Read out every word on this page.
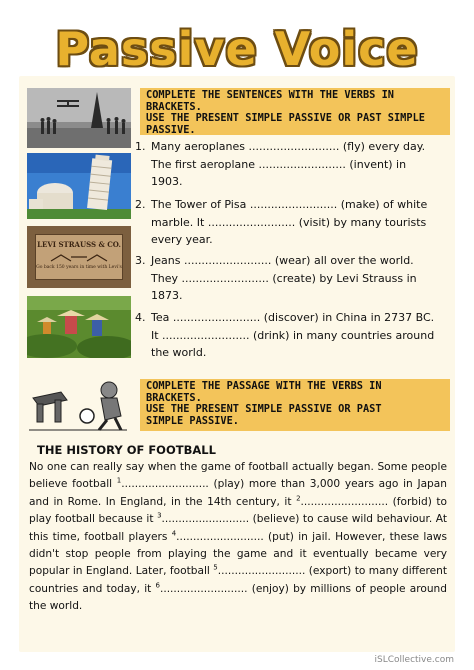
Passive Voice
COMPLETE THE SENTENCES WITH THE VERBS IN
BRACKETS.
USE THE PRESENT SIMPLE PASSIVE OR PAST SIMPLE
PASSIVE.
LEVI STRAUSS & CO.
Go back 150 years in time with Levi's
1. Many aeroplanes .......................... (fly) every day.
The first aeroplane ......................... (invent) in
1903.
2. The Tower of Pisa ......................... (make) of white
marble. It ......................... (visit) by many tourists
every year.
3. Jeans ......................... (wear) all over the world.
They ......................... (create) by Levi Strauss in
1873.
4. Tea ......................... (discover) in China in 2737 BC.
It ......................... (drink) in many countries around
the world.
COMPLETE THE PASSAGE WITH THE VERBS IN
BRACKETS.
USE THE PRESENT SIMPLE PASSIVE OR PAST
SIMPLE PASSIVE.
THE HISTORY OF FOOTBALL
No one can really say when the game of football actually began. Some people believe football $^1$.......................... (play) more than 3,000 years ago in Japan and in Rome. In England, in the 14th century, it $^2$.......................... (forbid) to play football because it $^3$.......................... (believe) to cause wild behaviour. At this time, football players $^4$.......................... (put) in jail. However, these laws didn't stop people from playing the game and it eventually became very popular in England. Later, football $^5$.......................... (export) to many different countries and today, it $^6$.......................... (enjoy) by millions of people around the world.
iSLCollective.com
